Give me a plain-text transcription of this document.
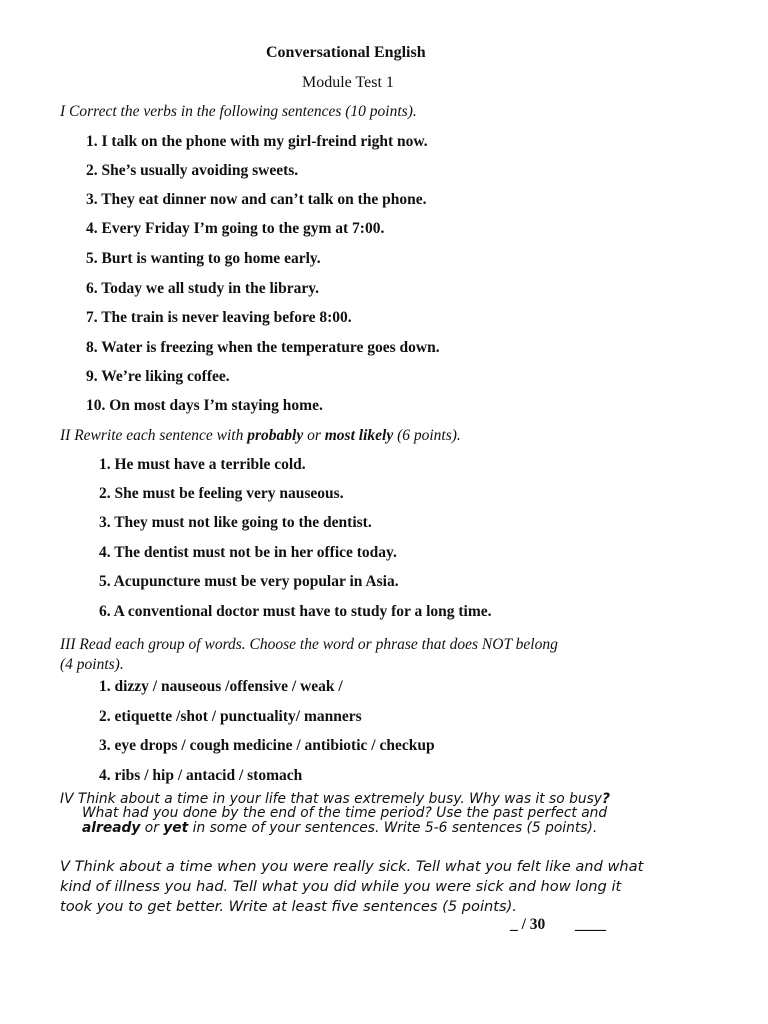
Conversational English
Module Test 1
I Correct the verbs in the following sentences (10 points).
1. I talk on the phone with my girl-freind right now.
2. She’s usually avoiding sweets.
3. They eat dinner now and can’t talk on the phone.
4. Every Friday I’m going to the gym at 7:00.
5. Burt is wanting to go home early.
6. Today we all study in the library.
7. The train is never leaving before 8:00.
8. Water is freezing when the temperature goes down.
9. We’re liking coffee.
10. On most days I’m staying home.
II Rewrite each sentence with probably or most likely (6 points).
1. He must have a terrible cold.
2. She must be feeling very nauseous.
3. They must not like going to the dentist.
4. The dentist must not be in her office today.
5. Acupuncture must be very popular in Asia.
6. A conventional doctor must have to study for a long time.
III Read each group of words. Choose the word or phrase that does NOT belong
(4 points).
1. dizzy / nauseous /offensive / weak /
2. etiquette /shot / punctuality/ manners
3. eye drops / cough medicine / antibiotic / checkup
4. ribs / hip / antacid / stomach
IV Think about a time in your life that was extremely busy. Why was it so busy?
What had you done by the end of the time period? Use the past perfect and
already or yet in some of your sentences. Write 5-6 sentences (5 points).
V Think about a time when you were really sick. Tell what you felt like and what
kind of illness you had. Tell what you did while you were sick and how long it
took you to get better. Write at least five sentences (5 points).
_ / 30 ____
